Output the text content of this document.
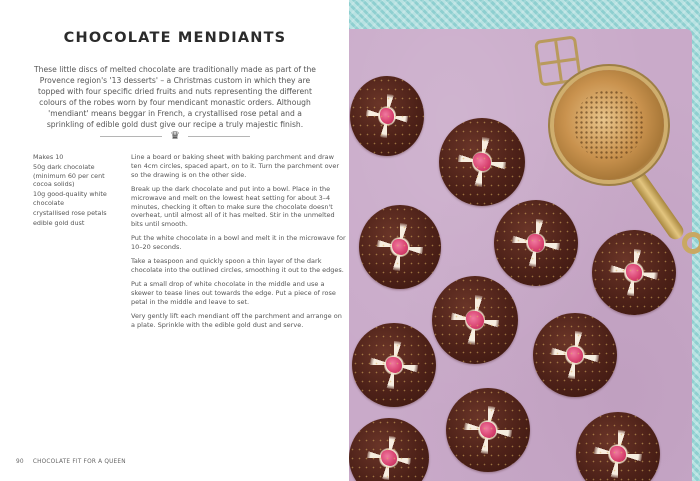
CHOCOLATE MENDIANTS

These little discs of melted chocolate are traditionally made as part of the Provence region's '13 desserts' – a Christmas custom in which they are topped with four specific dried fruits and nuts representing the different colours of the robes worn by four mendicant monastic orders. Although 'mendiant' means beggar in French, a crystallised rose petal and a sprinkling of edible gold dust give our recipe a truly majestic finish.

♛
Makes 10
50g dark chocolate (minimum 60 per cent cocoa solids)
10g good-quality white chocolate
crystallised rose petals
edible gold dust

Line a board or baking sheet with baking parchment and draw ten 4cm circles, spaced apart, on to it. Turn the parchment over so the drawing is on the other side.

Break up the dark chocolate and put into a bowl. Place in the microwave and melt on the lowest heat setting for about 3–4 minutes, checking it often to make sure the chocolate doesn't overheat, until almost all of it has melted. Stir in the unmelted bits until smooth.

Put the white chocolate in a bowl and melt it in the microwave for 10–20 seconds.

Take a teaspoon and quickly spoon a thin layer of the dark chocolate into the outlined circles, smoothing it out to the edges.

Put a small drop of white chocolate in the middle and use a skewer to tease lines out towards the edge. Put a piece of rose petal in the middle and leave to set.

Very gently lift each mendiant off the parchment and arrange on a plate. Sprinkle with the edible gold dust and serve.

90 CHOCOLATE FIT FOR A QUEEN
